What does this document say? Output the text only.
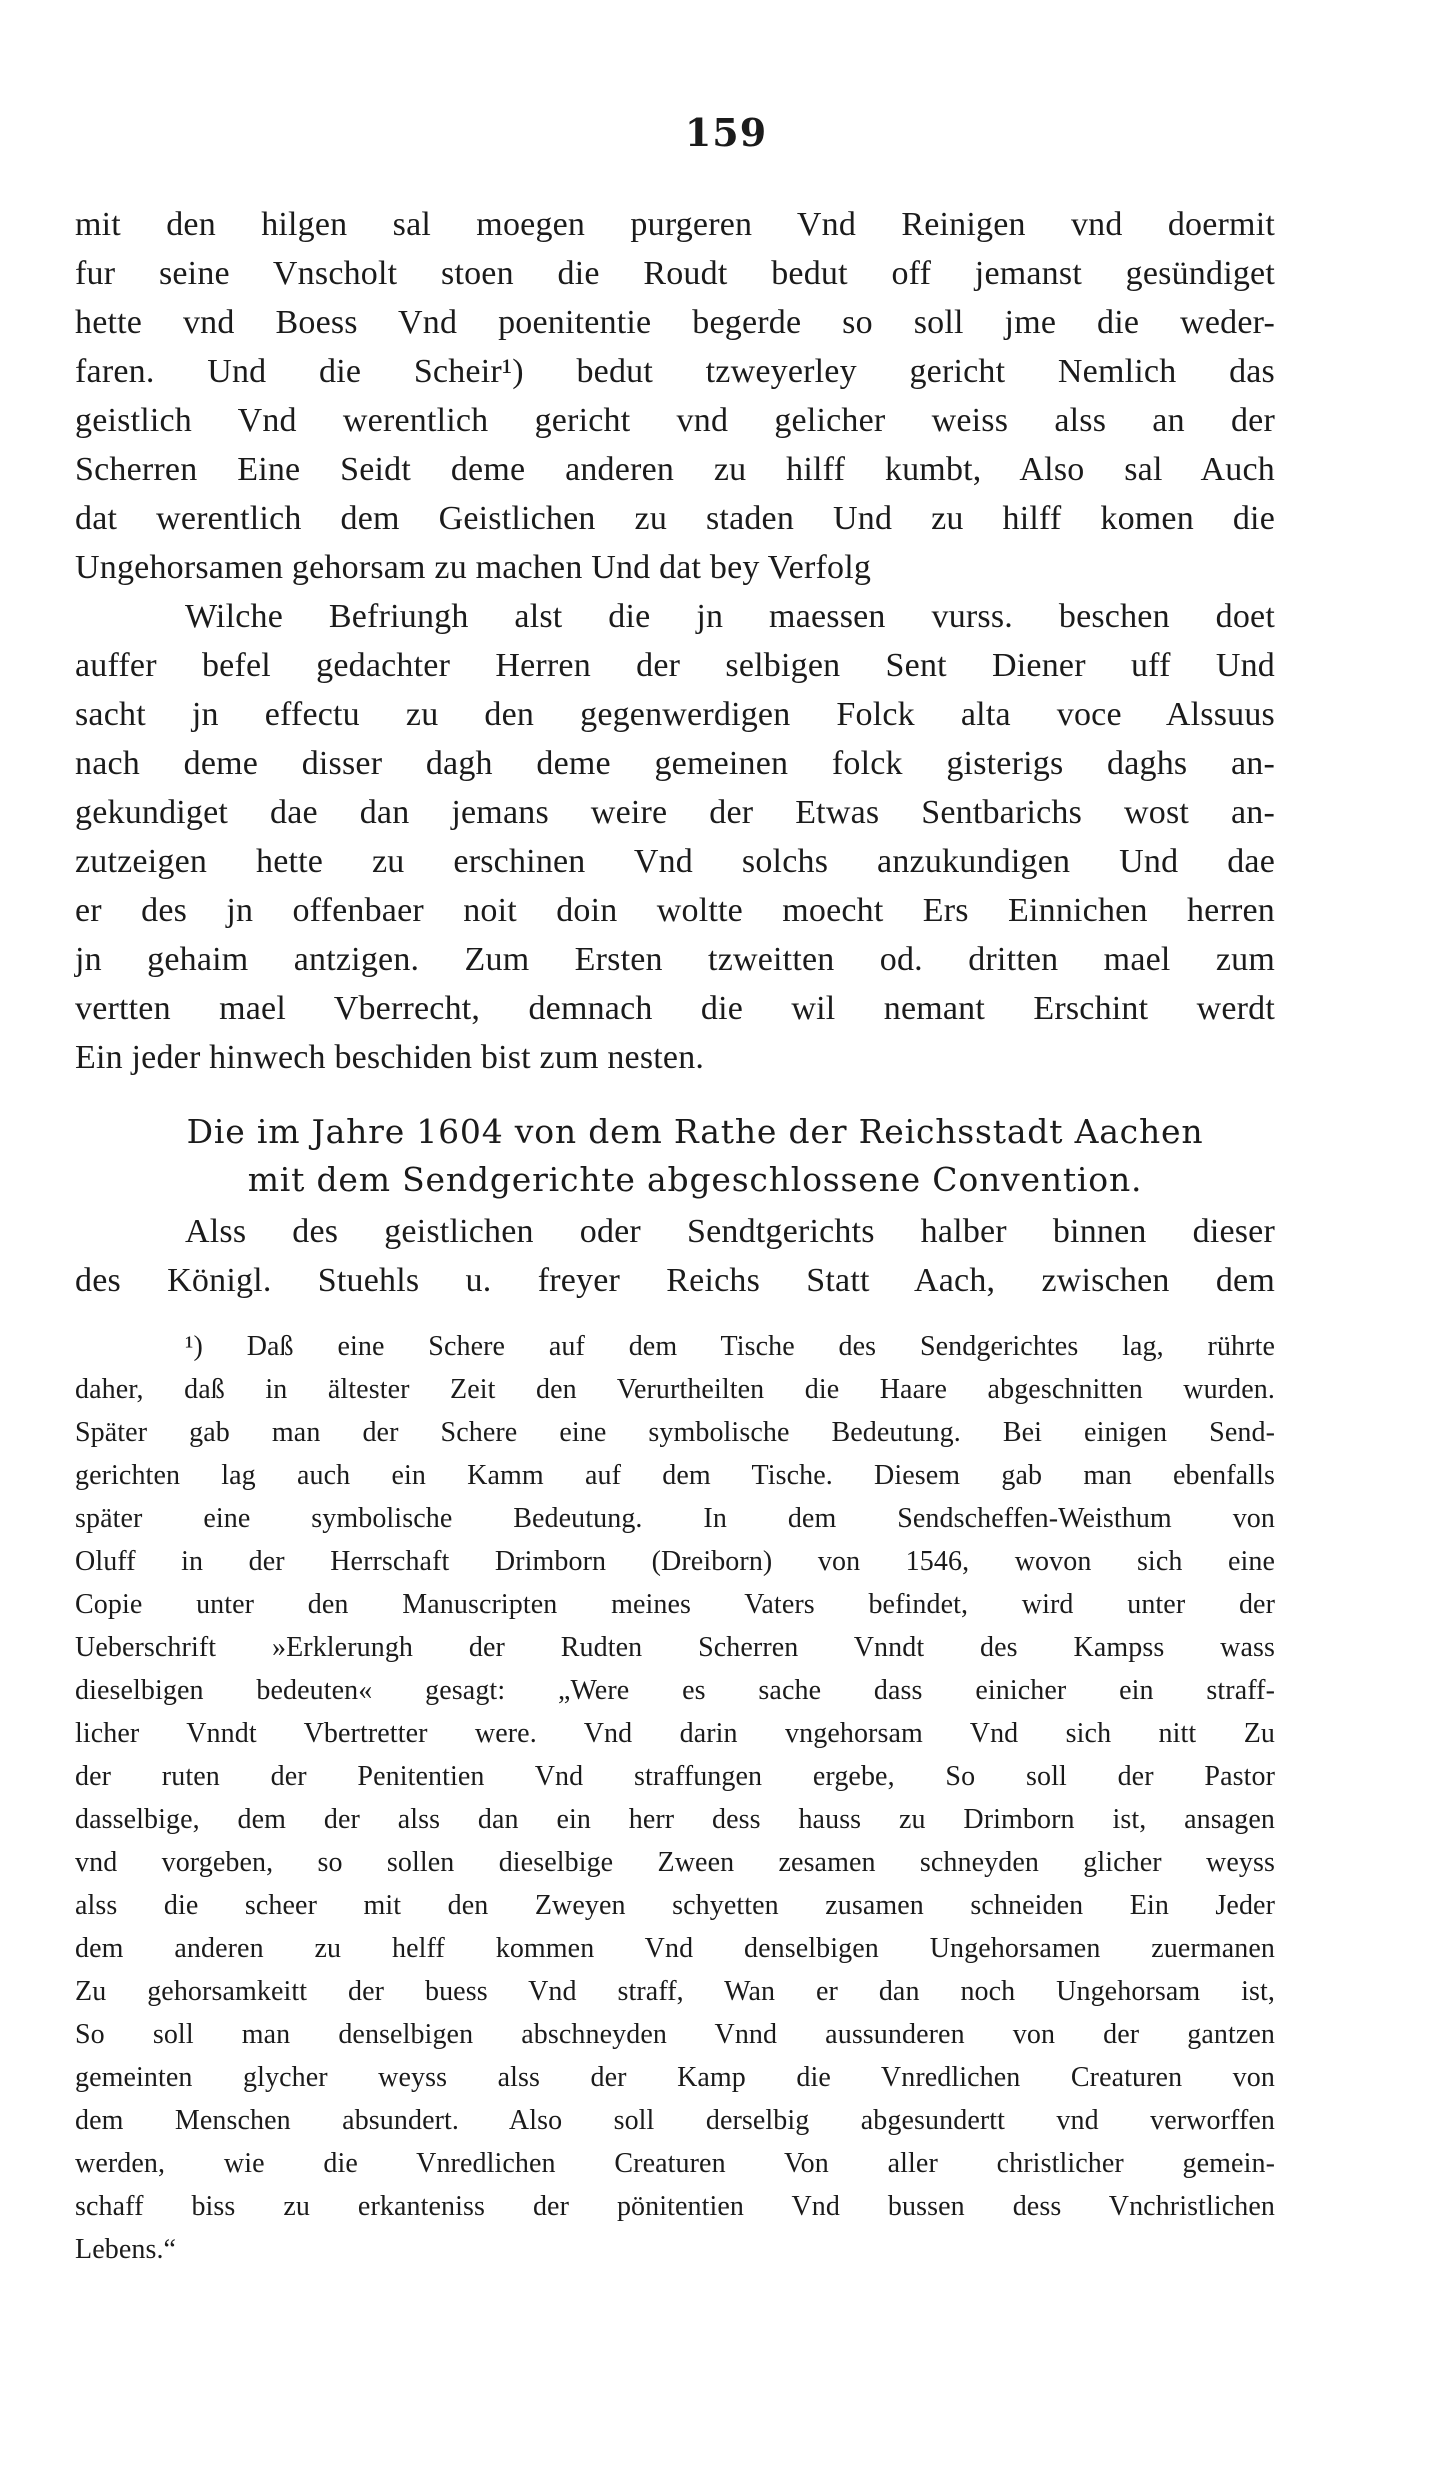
159
mit den hilgen sal moegen purgeren Vnd Reinigen vnd doermit
fur seine Vnscholt stoen die Roudt bedut off jemanst gesündiget
hette vnd Boess Vnd poenitentie begerde so soll jme die weder-
faren. Und die Scheir¹) bedut tzweyerley gericht Nemlich das
geistlich Vnd werentlich gericht vnd gelicher weiss alss an der
Scherren Eine Seidt deme anderen zu hilff kumbt, Also sal Auch
dat werentlich dem Geistlichen zu staden Und zu hilff komen die
Ungehorsamen gehorsam zu machen Und dat bey Verfolg
Wilche Befriungh alst die jn maessen vurss. beschen doet
auffer befel gedachter Herren der selbigen Sent Diener uff Und
sacht jn effectu zu den gegenwerdigen Folck alta voce Alssuus
nach deme disser dagh deme gemeinen folck gisterigs daghs an-
gekundiget dae dan jemans weire der Etwas Sentbarichs wost an-
zutzeigen hette zu erschinen Vnd solchs anzukundigen Und dae
er des jn offenbaer noit doin woltte moecht Ers Einnichen herren
jn gehaim antzigen. Zum Ersten tzweitten od. dritten mael zum
vertten mael Vberrecht, demnach die wil nemant Erschint werdt
Ein jeder hinwech beschiden bist zum nesten.
Die im Jahre 1604 von dem Rathe der Reichsstadt Aachen
mit dem Sendgerichte abgeschlossene Convention.
Alss des geistlichen oder Sendtgerichts halber binnen dieser
des Königl. Stuehls u. freyer Reichs Statt Aach, zwischen dem
¹) Daß eine Schere auf dem Tische des Sendgerichtes lag, rührte
daher, daß in ältester Zeit den Verurtheilten die Haare abgeschnitten wurden.
Später gab man der Schere eine symbolische Bedeutung. Bei einigen Send-
gerichten lag auch ein Kamm auf dem Tische. Diesem gab man ebenfalls
später eine symbolische Bedeutung. In dem Sendscheffen-Weisthum von
Oluff in der Herrschaft Drimborn (Dreiborn) von 1546, wovon sich eine
Copie unter den Manuscripten meines Vaters befindet, wird unter der
Ueberschrift »Erklerungh der Rudten Scherren Vnndt des Kampss wass
dieselbigen bedeuten« gesagt: „Were es sache dass einicher ein straff-
licher Vnndt Vbertretter were. Vnd darin vngehorsam Vnd sich nitt Zu
der ruten der Penitentien Vnd straffungen ergebe, So soll der Pastor
dasselbige, dem der alss dan ein herr dess hauss zu Drimborn ist, ansagen
vnd vorgeben, so sollen dieselbige Zween zesamen schneyden glicher weyss
alss die scheer mit den Zweyen schyetten zusamen schneiden Ein Jeder
dem anderen zu helff kommen Vnd denselbigen Ungehorsamen zuermanen
Zu gehorsamkeitt der buess Vnd straff, Wan er dan noch Ungehorsam ist,
So soll man denselbigen abschneyden Vnnd aussunderen von der gantzen
gemeinten glycher weyss alss der Kamp die Vnredlichen Creaturen von
dem Menschen absundert. Also soll derselbig abgesundertt vnd verworffen
werden, wie die Vnredlichen Creaturen Von aller christlicher gemein-
schaff biss zu erkanteniss der pönitentien Vnd bussen dess Vnchristlichen
Lebens.“
